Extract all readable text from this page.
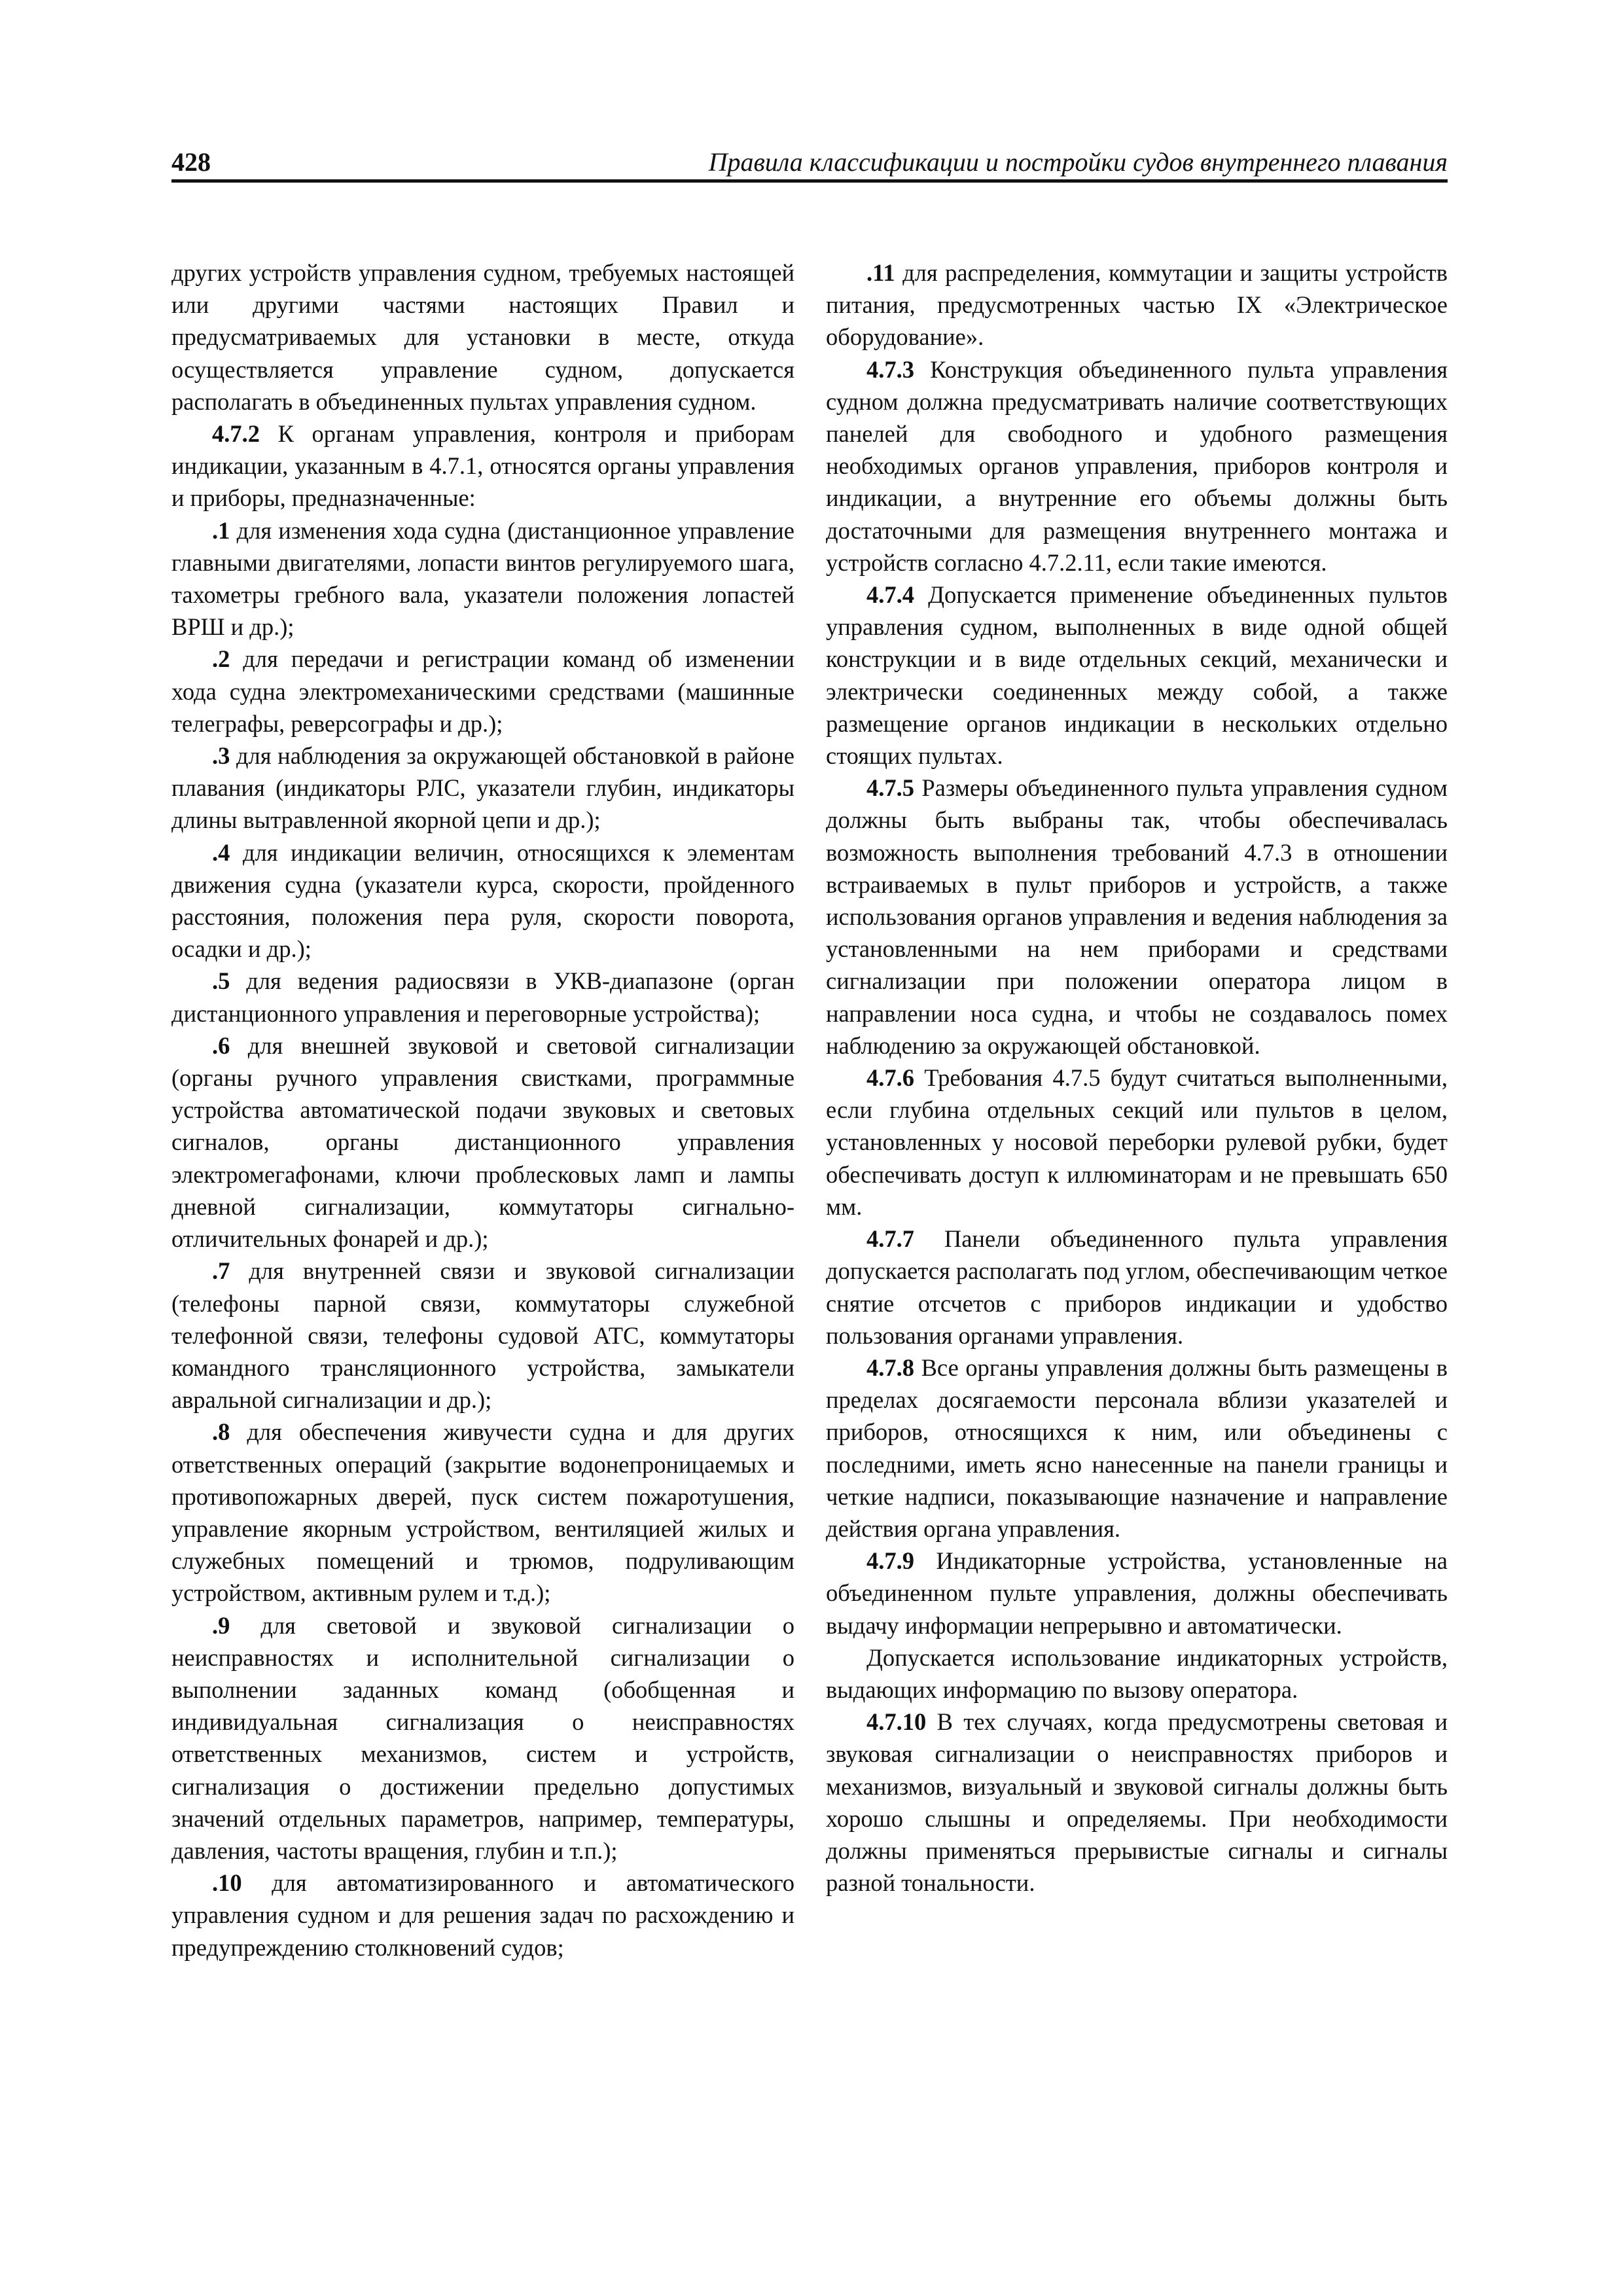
428	Правила классификации и постройки судов внутреннего плавания

других устройств управления судном, требуемых настоящей или другими частями настоящих Правил и предусматриваемых для установки в месте, откуда осуществляется управление судном, допускается располагать в объединенных пультах управления судном.

4.7.2 К органам управления, контроля и приборам индикации, указанным в 4.7.1, относятся органы управления и приборы, предназначенные:

.1 для изменения хода судна (дистанционное управление главными двигателями, лопасти винтов регулируемого шага, тахометры гребного вала, указатели положения лопастей ВРШ и др.);

.2 для передачи и регистрации команд об изменении хода судна электромеханическими средствами (машинные телеграфы, реверсографы и др.);

.3 для наблюдения за окружающей обстановкой в районе плавания (индикаторы РЛС, указатели глубин, индикаторы длины вытравленной якорной цепи и др.);

.4 для индикации величин, относящихся к элементам движения судна (указатели курса, скорости, пройденного расстояния, положения пера руля, скорости поворота, осадки и др.);

.5 для ведения радиосвязи в УКВ-диапазоне (орган дистанционного управления и переговорные устройства);

.6 для внешней звуковой и световой сигнализации (органы ручного управления свистками, программные устройства автоматической подачи звуковых и световых сигналов, органы дистанционного управления электромегафонами, ключи проблесковых ламп и лампы дневной сигнализации, коммутаторы сигнально-отличительных фонарей и др.);

.7 для внутренней связи и звуковой сигнализации (телефоны парной связи, коммутаторы служебной телефонной связи, телефоны судовой АТС, коммутаторы командного трансляционного устройства, замыкатели авральной сигнализации и др.);

.8 для обеспечения живучести судна и для других ответственных операций (закрытие водонепроницаемых и противопожарных дверей, пуск систем пожаротушения, управление якорным устройством, вентиляцией жилых и служебных помещений и трюмов, подруливающим устройством, активным рулем и т.д.);

.9 для световой и звуковой сигнализации о неисправностях и исполнительной сигнализации о выполнении заданных команд (обобщенная и индивидуальная сигнализация о неисправностях ответственных механизмов, систем и устройств, сигнализация о достижении предельно допустимых значений отдельных параметров, например, температуры, давления, частоты вращения, глубин и т.п.);

.10 для автоматизированного и автоматического управления судном и для решения задач по расхождению и предупреждению столкновений судов;

.11 для распределения, коммутации и защиты устройств питания, предусмотренных частью IX «Электрическое оборудование».

4.7.3 Конструкция объединенного пульта управления судном должна предусматривать наличие соответствующих панелей для свободного и удобного размещения необходимых органов управления, приборов контроля и индикации, а внутренние его объемы должны быть достаточными для размещения внутреннего монтажа и устройств согласно 4.7.2.11, если такие имеются.

4.7.4 Допускается применение объединенных пультов управления судном, выполненных в виде одной общей конструкции и в виде отдельных секций, механически и электрически соединенных между собой, а также размещение органов индикации в нескольких отдельно стоящих пультах.

4.7.5 Размеры объединенного пульта управления судном должны быть выбраны так, чтобы обеспечивалась возможность выполнения требований 4.7.3 в отношении встраиваемых в пульт приборов и устройств, а также использования органов управления и ведения наблюдения за установленными на нем приборами и средствами сигнализации при положении оператора лицом в направлении носа судна, и чтобы не создавалось помех наблюдению за окружающей обстановкой.

4.7.6 Требования 4.7.5 будут считаться выполненными, если глубина отдельных секций или пультов в целом, установленных у носовой переборки рулевой рубки, будет обеспечивать доступ к иллюминаторам и не превышать 650 мм.

4.7.7 Панели объединенного пульта управления допускается располагать под углом, обеспечивающим четкое снятие отсчетов с приборов индикации и удобство пользования органами управления.

4.7.8 Все органы управления должны быть размещены в пределах досягаемости персонала вблизи указателей и приборов, относящихся к ним, или объединены с последними, иметь ясно нанесенные на панели границы и четкие надписи, показывающие назначение и направление действия органа управления.

4.7.9 Индикаторные устройства, установленные на объединенном пульте управления, должны обеспечивать выдачу информации непрерывно и автоматически.

Допускается использование индикаторных устройств, выдающих информацию по вызову оператора.

4.7.10 В тех случаях, когда предусмотрены световая и звуковая сигнализации о неисправностях приборов и механизмов, визуальный и звуковой сигналы должны быть хорошо слышны и определяемы. При необходимости должны применяться прерывистые сигналы и сигналы разной тональности.
